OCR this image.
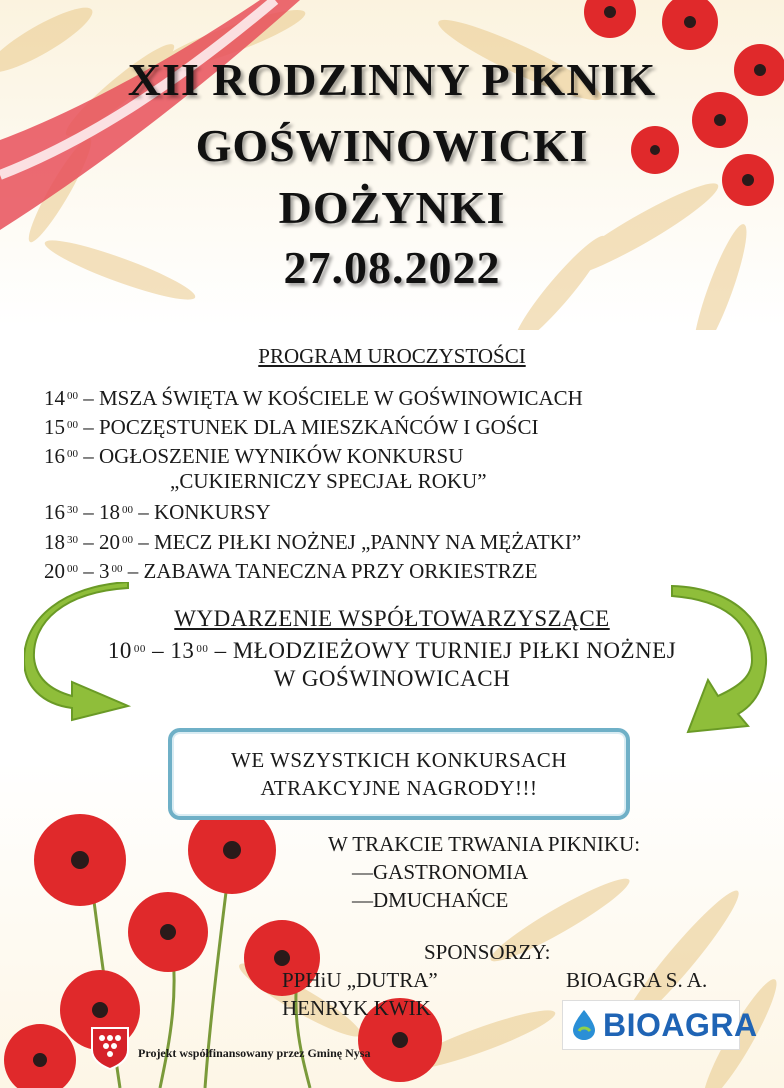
XII RODZINNY PIKNIK
GOŚWINOWICKI
DOŻYNKI
27.08.2022
PROGRAM UROCZYSTOŚCI
14 $^{00}$ – MSZA ŚWIĘTA W KOŚCIELE W GOŚWINOWICACH
15 $^{00}$ – POCZĘSTUNEK DLA MIESZKAŃCÓW I GOŚCI
16 $^{00}$ – OGŁOSZENIE WYNIKÓW KONKURSU
„CUKIERNICZY SPECJAŁ ROKU”
16 $^{30}$ – 18 $^{00}$ – KONKURSY
18 $^{30}$ – 20 $^{00}$ – MECZ PIŁKI NOŻNEJ „PANNY NA MĘŻATKI”
20 $^{00}$ – 3 $^{00}$ – ZABAWA TANECZNA PRZY ORKIESTRZE
WYDARZENIE WSPÓŁTOWARZYSZĄCE
10 $^{00}$ – 13 $^{00}$ – MŁODZIEŻOWY TURNIEJ PIŁKI NOŻNEJ
W GOŚWINOWICACH
WE WSZYSTKICH KONKURSACH
ATRAKCYJNE NAGRODY!!!
W TRAKCIE TRWANIA PIKNIKU:
—GASTRONOMIA
—DMUCHAŃCE
SPONSORZY:
PPHiU „DUTRA”
HENRYK KWIK
BIOAGRA S. A.
BIOAGRA
Projekt współfinansowany przez Gminę Nysa
